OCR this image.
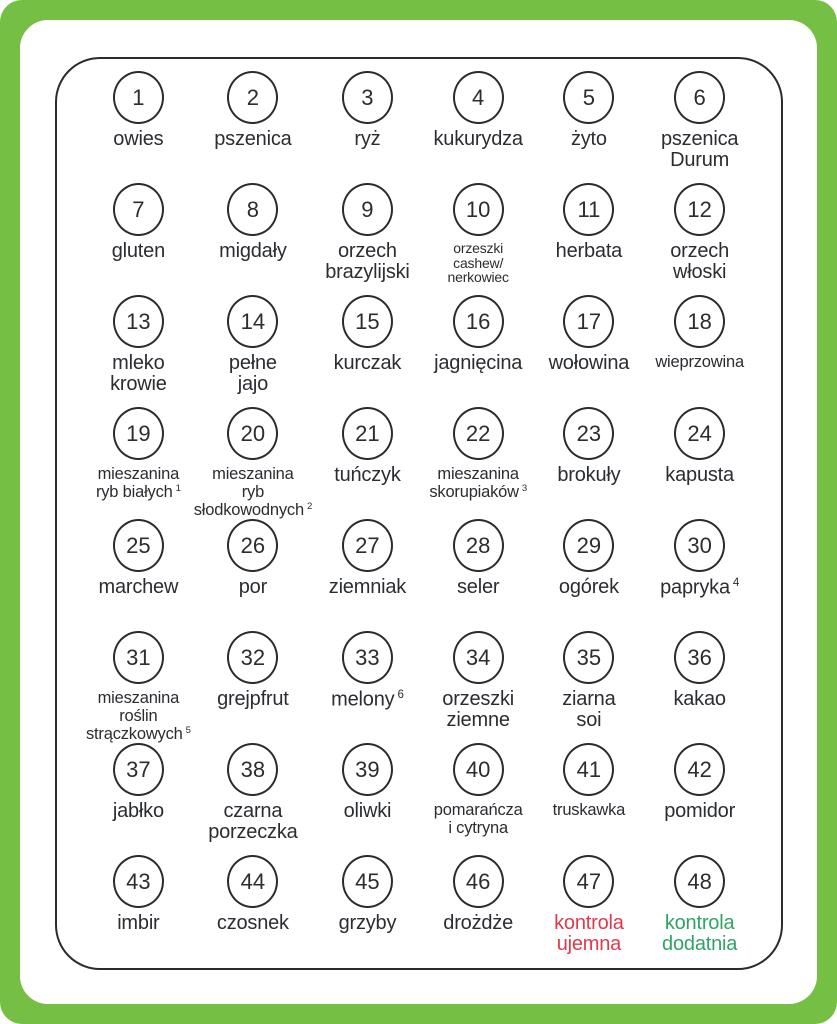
1
owies
2
pszenica
3
ryż
4
kukurydza
5
żyto
6
pszenica
Durum
7
gluten
8
migdały
9
orzech
brazylijski
10
orzeszki
cashew/
nerkowiec
11
herbata
12
orzech
włoski
13
mleko
krowie
14
pełne
jajo
15
kurczak
16
jagnięcina
17
wołowina
18
wieprzowina
19
mieszanina
ryb białych $^1$
20
mieszanina
ryb
słodkowodnych $^2$
21
tuńczyk
22
mieszanina
skorupiaków $^3$
23
brokuły
24
kapusta
25
marchew
26
por
27
ziemniak
28
seler
29
ogórek
30
papryka $^4$
31
mieszanina
roślin
strączkowych $^5$
32
grejpfrut
33
melony $^6$
34
orzeszki
ziemne
35
ziarna
soi
36
kakao
37
jabłko
38
czarna
porzeczka
39
oliwki
40
pomarańcza
i cytryna
41
truskawka
42
pomidor
43
imbir
44
czosnek
45
grzyby
46
drożdże
47
kontrola
ujemna
48
kontrola
dodatnia
